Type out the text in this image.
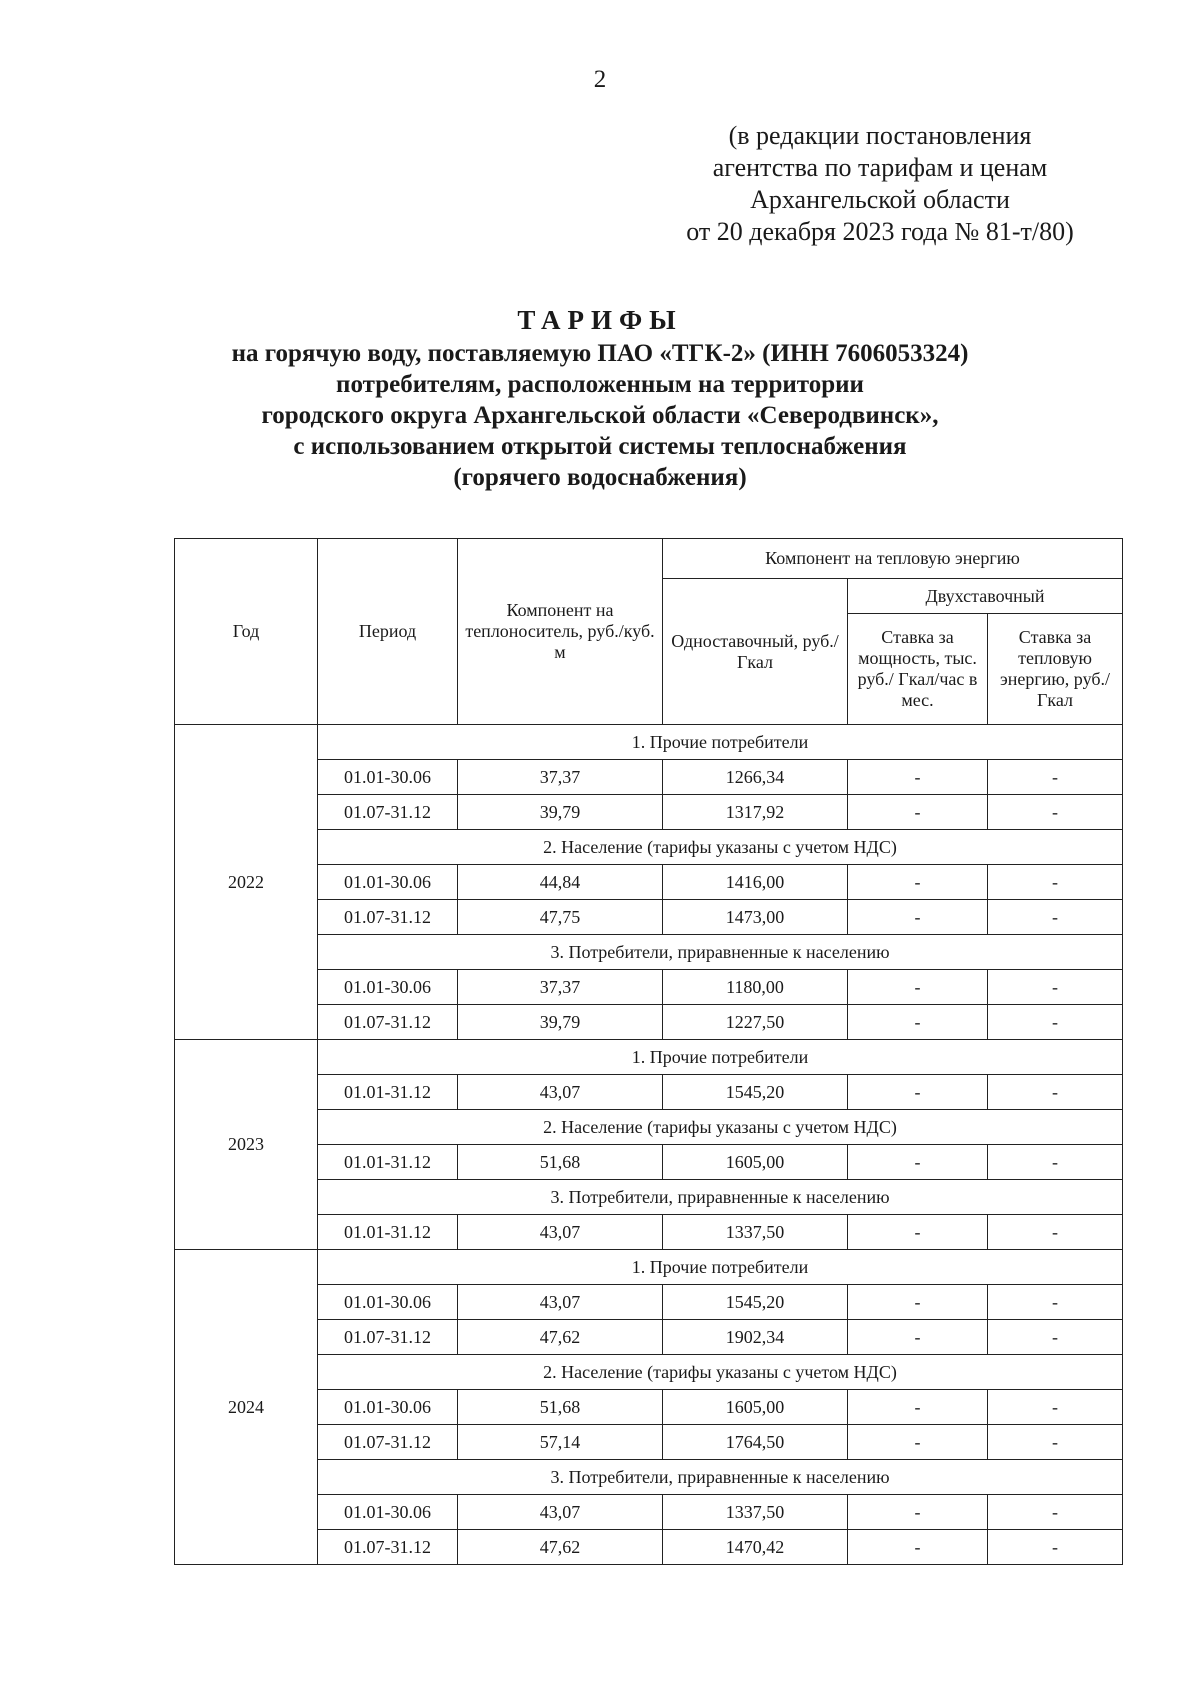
2
(в редакции постановления
агентства по тарифам и ценам
Архангельской области
от 20 декабря 2023 года № 81-т/80)
ТАРИФЫ
на горячую воду, поставляемую ПАО «ТГК-2» (ИНН 7606053324)
потребителям, расположенным на территории
городского округа Архангельской области «Северодвинск»,
с использованием открытой системы теплоснабжения
(горячего водоснабжения)
Год	Период	Компонент на теплоноситель, руб./куб. м	Компонент на тепловую энергию		
			Одноставочный, руб./Гкал	Двухставочный	
				Ставка за мощность, тыс. руб./ Гкал/час в мес.	Ставка за тепловую энергию, руб./Гкал
2022	1. Прочие потребители				
	01.01-30.06	37,37	1266,34	-	-
	01.07-31.12	39,79	1317,92	-	-
	2. Население (тарифы указаны с учетом НДС)				
	01.01-30.06	44,84	1416,00	-	-
	01.07-31.12	47,75	1473,00	-	-
	3. Потребители, приравненные к населению				
	01.01-30.06	37,37	1180,00	-	-
	01.07-31.12	39,79	1227,50	-	-
2023	1. Прочие потребители				
	01.01-31.12	43,07	1545,20	-	-
	2. Население (тарифы указаны с учетом НДС)				
	01.01-31.12	51,68	1605,00	-	-
	3. Потребители, приравненные к населению				
	01.01-31.12	43,07	1337,50	-	-
2024	1. Прочие потребители				
	01.01-30.06	43,07	1545,20	-	-
	01.07-31.12	47,62	1902,34	-	-
	2. Население (тарифы указаны с учетом НДС)				
	01.01-30.06	51,68	1605,00	-	-
	01.07-31.12	57,14	1764,50	-	-
	3. Потребители, приравненные к населению				
	01.01-30.06	43,07	1337,50	-	-
	01.07-31.12	47,62	1470,42	-	-
